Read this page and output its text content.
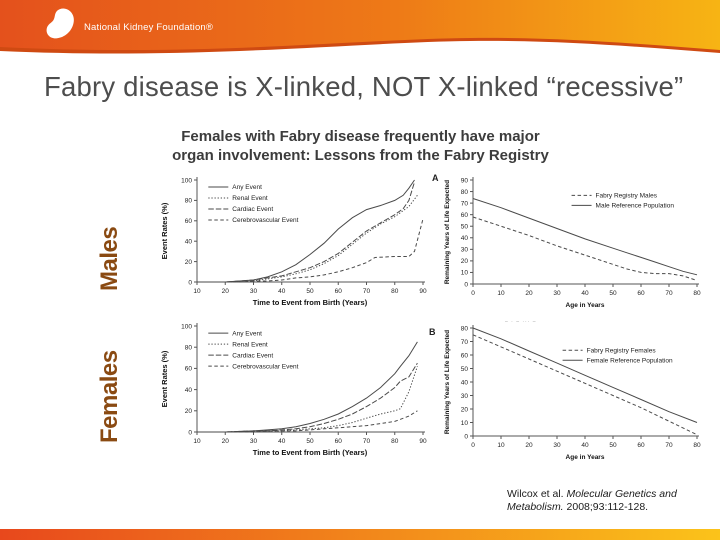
National Kidney Foundation®
Fabry disease is X-linked, NOT X-linked “recessive”
Females with Fabry disease frequently have major
organ involvement: Lessons from the Fabry Registry
Males
Females
A
B
– · – ··· –
10	20	30	40	50	60	70	80	90
0
20
40
60
80
100
Time to Event from Birth (Years)
Event Rates (%)
Any Event
Renal Event
Cardiac Event
Cerebrovascular Event
0	10	20	30	40	50	60	70	80
0
10
20
30
40
50
60
70
80
90
Age in Years
Remaining Years of Life Expected	Fabry Registry Males
Male Reference Population
10	20	30	40	50	60	70	80	90
0
20
40
60
80
100
Time to Event from Birth (Years)
Event Rates (%)
Any Event
Renal Event
Cardiac Event
Cerebrovascular Event
0	10	20	30	40	50	60	70	80
0
10
20
30
40
50
60
70
80
Age in Years
Remaining Years of Life Expected	Fabry Registry Females
Female Reference Population
Wilcox et al. Molecular Genetics and Metabolism. 2008;93:112-128.
